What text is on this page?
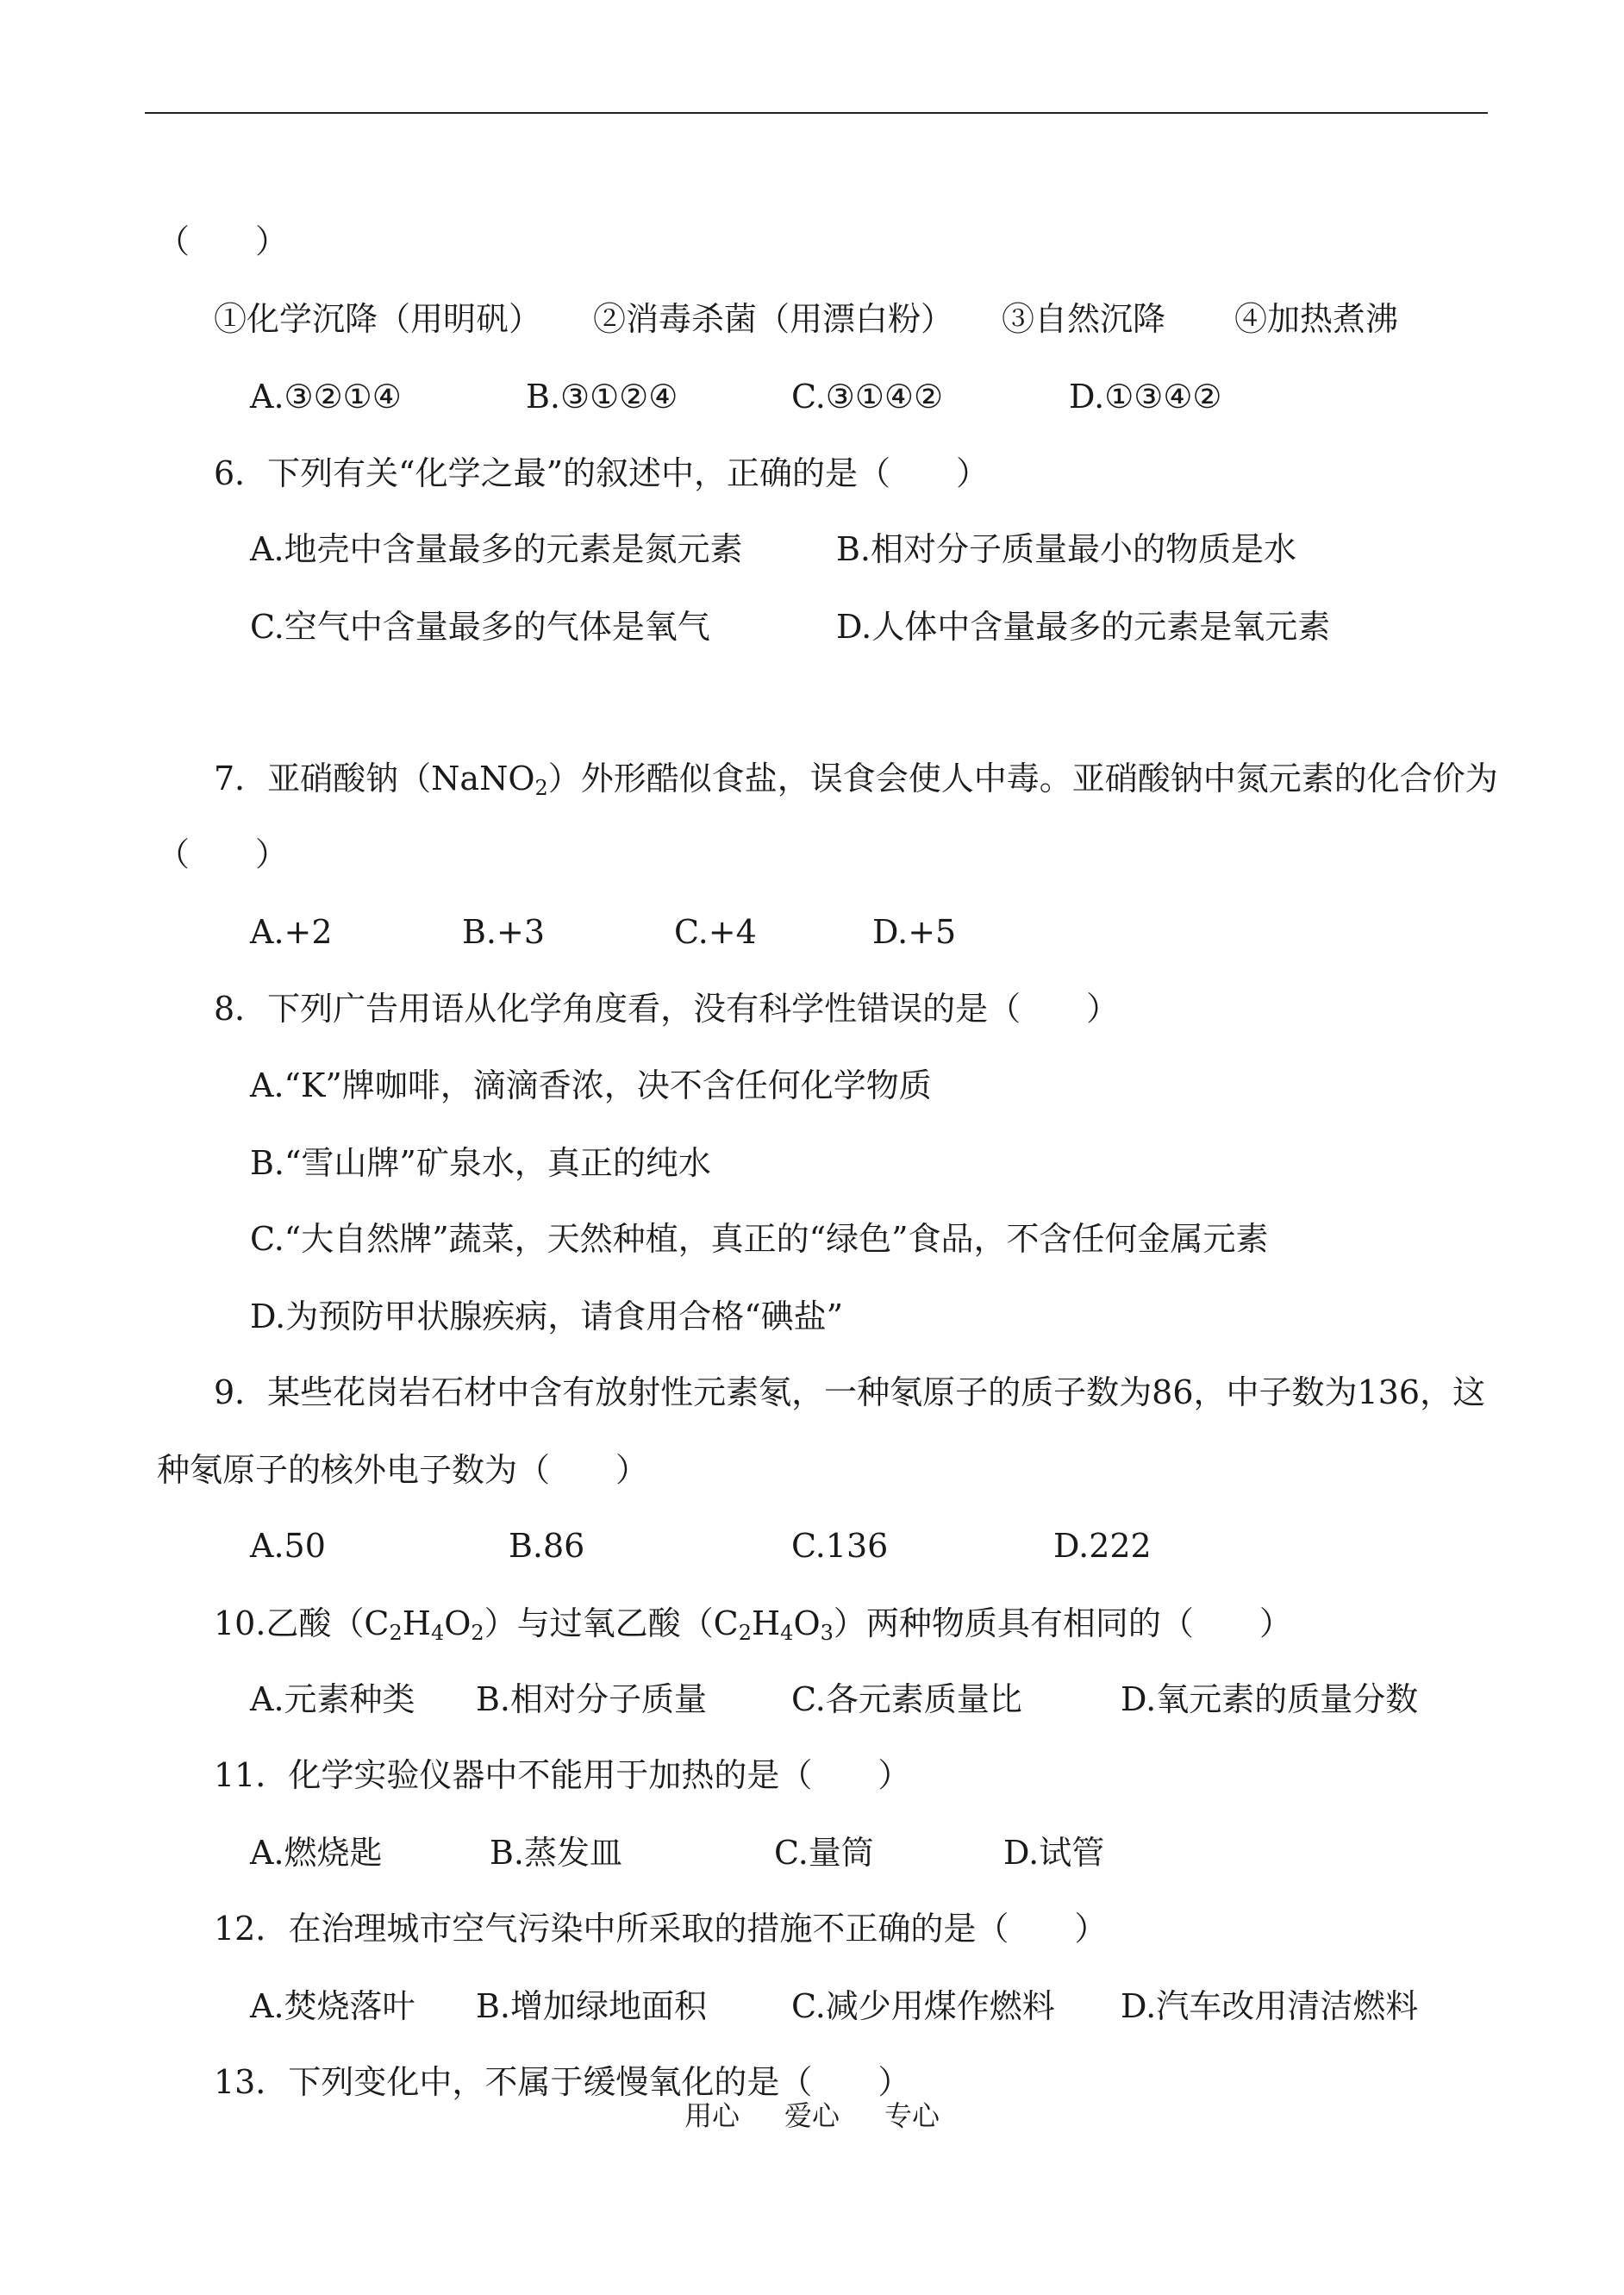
（　　）
①化学沉降（用明矾） ②消毒杀菌（用漂白粉） ③自然沉降 ④加热煮沸
A.③②①④	B.③①②④	C.③①④②	D.①③④②
6．下列有关“化学之最”的叙述中，正确的是（　　）
A.地壳中含量最多的元素是氮元素	B.相对分子质量最小的物质是水
C.空气中含量最多的气体是氧气	D.人体中含量最多的元素是氧元素
7．亚硝酸钠（NaNO$_2$）外形酷似食盐，误食会使人中毒。亚硝酸钠中氮元素的化合价为
（　　）
A.+2	B.+3	C.+4	D.+5
8．下列广告用语从化学角度看，没有科学性错误的是（　　）
A.“K”牌咖啡，滴滴香浓，决不含任何化学物质
B.“雪山牌”矿泉水，真正的纯水
C.“大自然牌”蔬菜，天然种植，真正的“绿色”食品，不含任何金属元素
D.为预防甲状腺疾病，请食用合格“碘盐”
9．某些花岗岩石材中含有放射性元素氡，一种氡原子的质子数为86，中子数为136，这
种氡原子的核外电子数为（　　）
A.50	B.86	C.136	D.222
10.乙酸$(C_2H_4O_2)$与过氧乙酸$(C_2H_4O_3)$两种物质具有相同的（　　）
A.元素种类 B.相对分子质量	C.各元素质量比	D.氧元素的质量分数
11．化学实验仪器中不能用于加热的是（　　）
A.燃烧匙	B.蒸发皿	C.量筒	D.试管
12．在治理城市空气污染中所采取的措施不正确的是（　　）
A.焚烧落叶 B.增加绿地面积	C.减少用煤作燃料 D.汽车改用清洁燃料
13．下列变化中，不属于缓慢氧化的是（　　）
用心 爱心 专心
